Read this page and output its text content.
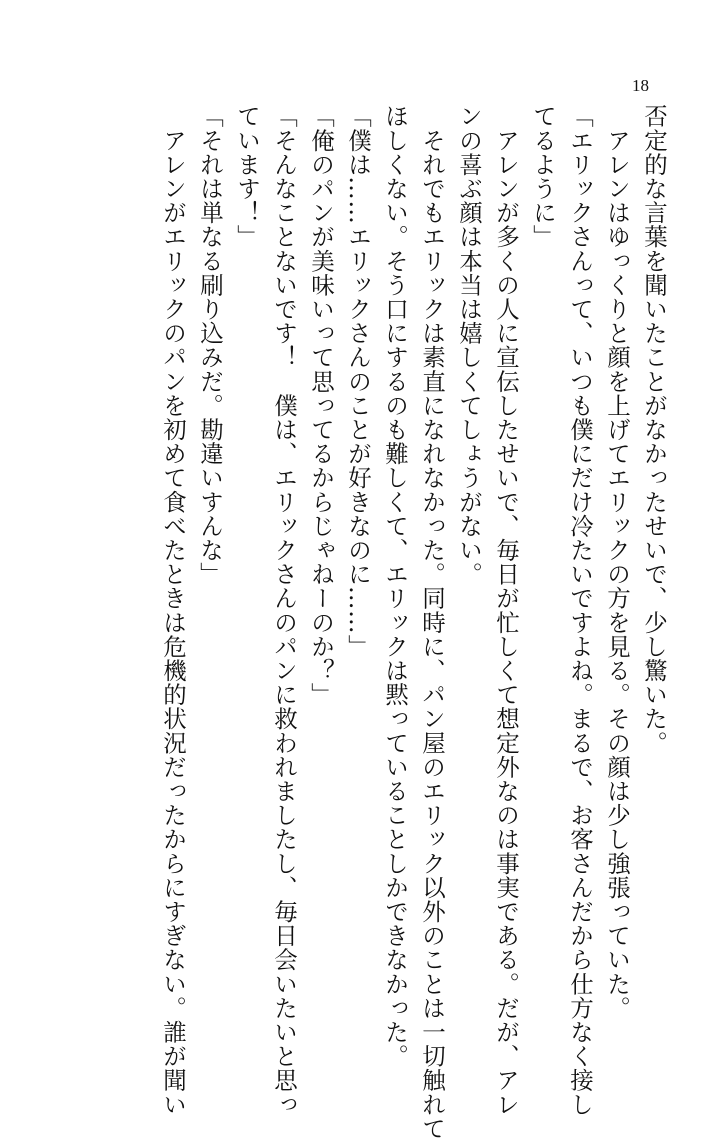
18
否定的な言葉を聞いたことがなかったせいで、少し驚いた。
　アレンはゆっくりと顔を上げてエリックの方を見る。その顔は少し強張っていた。
「エリックさんって、いつも僕にだけ冷たいですよね。まるで、お客さんだから仕方なく接し
てるように」
　アレンが多くの人に宣伝したせいで、毎日が忙しくて想定外なのは事実である。だが、アレ
ンの喜ぶ顔は本当は嬉しくてしょうがない。
　それでもエリックは素直になれなかった。同時に、パン屋のエリック以外のことは一切触れて
ほしくない。そう口にするのも難しくて、エリックは黙っていることしかできなかった。
「僕は……エリックさんのことが好きなのに……」
「俺のパンが美味いって思ってるからじゃねーのか？」
「そんなことないです！　僕は、エリックさんのパンに救われましたし、毎日会いたいと思っ
ています！」
「それは単なる刷り込みだ。勘違いすんな」
　アレンがエリックのパンを初めて食べたときは危機的状況だったからにすぎない。誰が聞い
